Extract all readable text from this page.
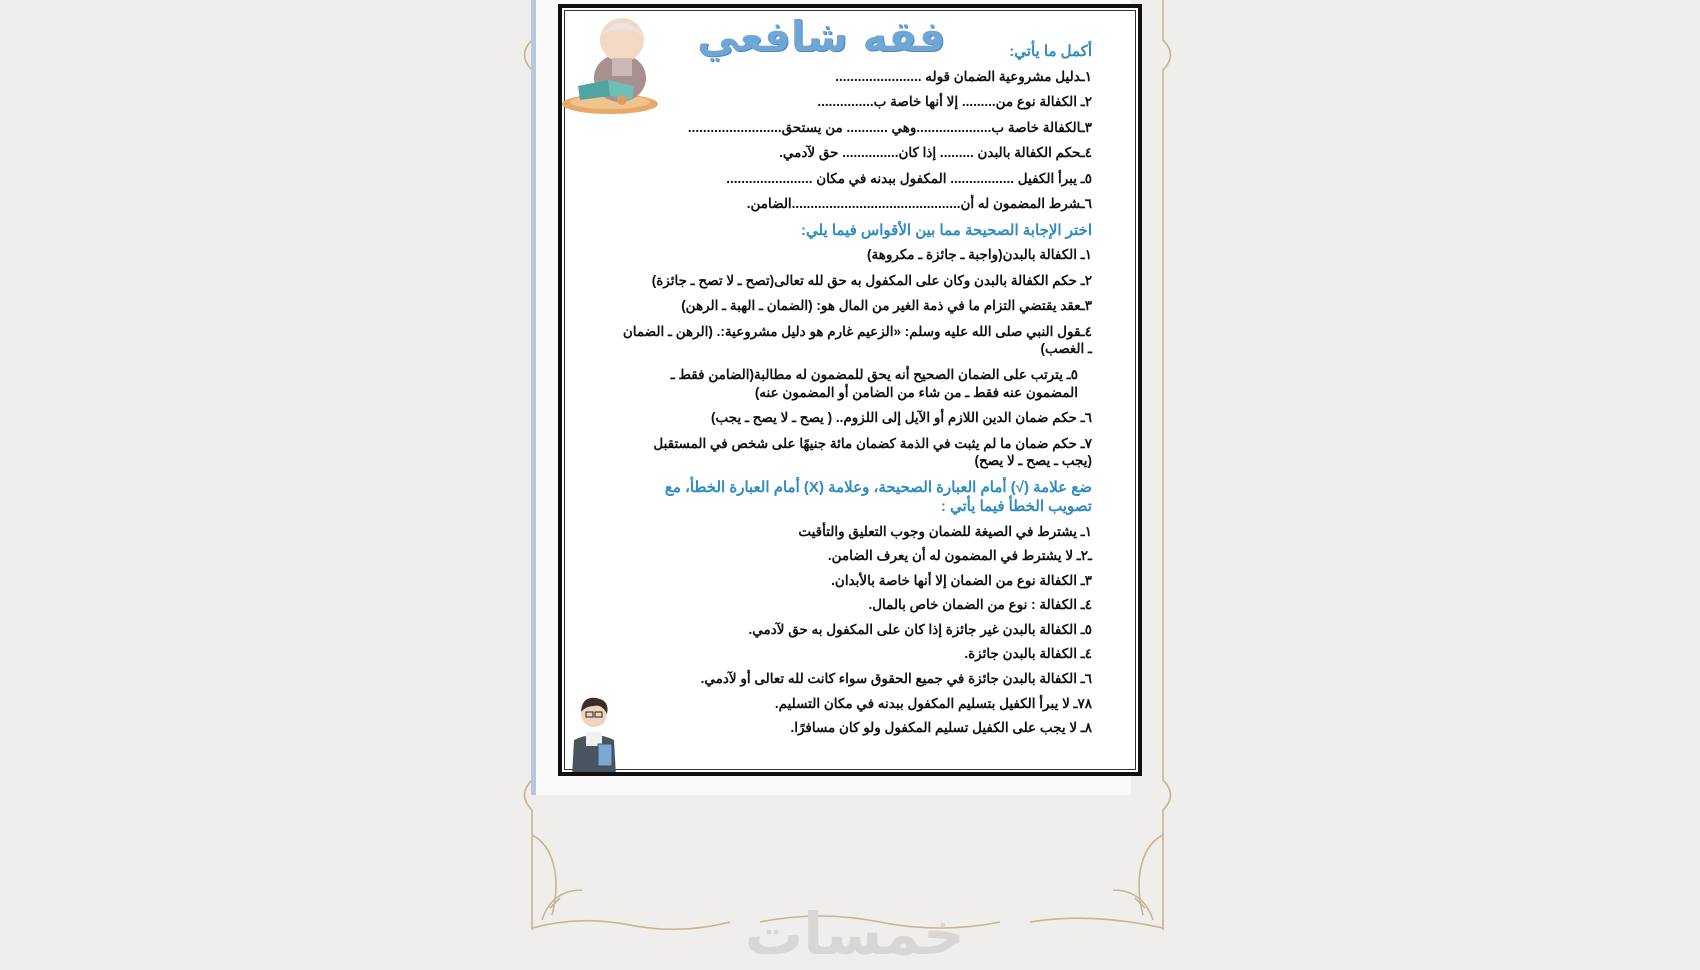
فقه شافعي	أكمل ما يأتي:
١ـدليل مشروعية الضمان قوله .......................
٢ـ الكفالة نوع من......... إلا أنها خاصة ب...............
٣ـالكفالة خاصة ب....................وهي ........... من يستحق.........................
٤ـحكم الكفالة بالبدن ......... إذا كان............... حق لآدمي.
٥ـ يبرأ الكفيل ................. المكفول ببدنه في مكان .......................
٦ـشرط المضمون له أن.............................................الضامن.
اختر الإجابة الصحيحة مما بين الأقواس فيما يلي:
١ـ الكفالة بالبدن(واجبة ـ جائزة ـ مكروهة)
٢ـ حكم الكفالة بالبدن وكان على المكفول به حق لله تعالى(تصح ـ لا تصح ـ جائزة)
٣ـعقد يقتضي التزام ما في ذمة الغير من المال هو: (الضمان ـ الهبة ـ الرهن)
٤ـقول النبي صلى الله عليه وسلم: «الزعيم غارم هو دليل مشروعية:. (الرهن ـ الضمان ـ الغصب)
٥ـ يترتب على الضمان الصحيح أنه يحق للمضمون له مطالبة(الضامن فقط ـ المضمون عنه فقط ـ من شاء من الضامن أو المضمون عنه)
٦ـ حكم ضمان الدين اللازم أو الآيل إلى اللزوم.. ( يصح ـ لا يصح ـ يجب)
٧ـ حكم ضمان ما لم يثبت في الذمة كضمان مائة جنيهًا على شخص في المستقبل (يجب ـ يصح ـ لا يصح)
ضع علامة (√) أمام العبارة الصحيحة، وعلامة (X) أمام العبارة الخطأ، مع تصويب الخطأ فيما يأتي :
١ـ يشترط في الصيغة للضمان وجوب التعليق والتأقيت
ـ٢ـ لا يشترط في المضمون له أن يعرف الضامن.
٣ـ الكفالة نوع من الضمان إلا أنها خاصة بالأبدان.
٤ـ الكفالة : نوع من الضمان خاص بالمال.
٥ـ الكفالة بالبدن غير جائزة إذا كان على المكفول به حق لآدمي.
٤ـ الكفالة بالبدن جائزة.
٦ـ الكفالة بالبدن جائزة في جميع الحقوق سواء كانت لله تعالى أو لآدمي.
٧٨ـ لا يبرأ الكفيل بتسليم المكفول ببدنه في مكان التسليم.
٨ـ لا يجب على الكفيل تسليم المكفول ولو كان مسافرًا.
خمسات
